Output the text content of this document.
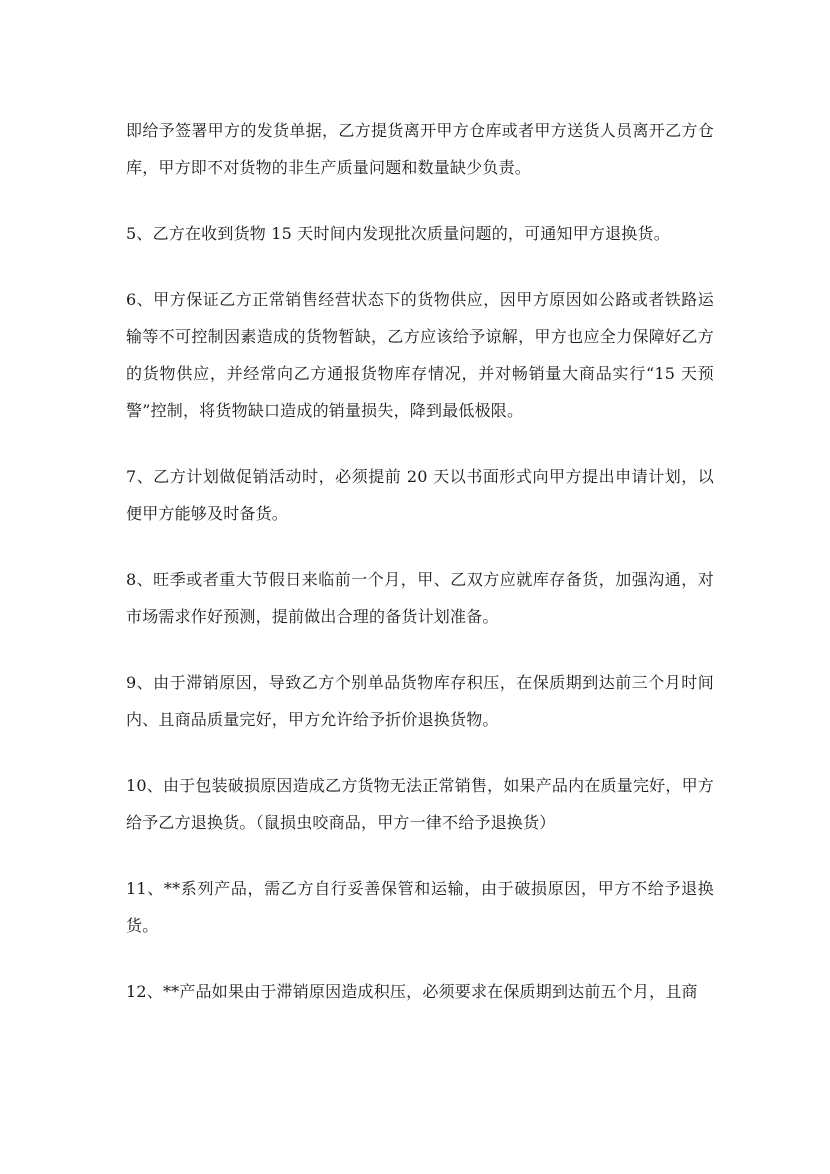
即给予签署甲方的发货单据，乙方提货离开甲方仓库或者甲方送货人员离开乙方仓库，甲方即不对货物的非生产质量问题和数量缺少负责。

5、乙方在收到货物 15 天时间内发现批次质量问题的，可通知甲方退换货。

6、甲方保证乙方正常销售经营状态下的货物供应，因甲方原因如公路或者铁路运输等不可控制因素造成的货物暂缺，乙方应该给予谅解，甲方也应全力保障好乙方的货物供应，并经常向乙方通报货物库存情况，并对畅销量大商品实行“15 天预警”控制，将货物缺口造成的销量损失，降到最低极限。

7、乙方计划做促销活动时，必须提前 20 天以书面形式向甲方提出申请计划，以便甲方能够及时备货。

8、旺季或者重大节假日来临前一个月，甲、乙双方应就库存备货，加强沟通，对市场需求作好预测，提前做出合理的备货计划准备。

9、由于滞销原因，导致乙方个别单品货物库存积压，在保质期到达前三个月时间内、且商品质量完好，甲方允许给予折价退换货物。

10、由于包装破损原因造成乙方货物无法正常销售，如果产品内在质量完好，甲方给予乙方退换货。（鼠损虫咬商品，甲方一律不给予退换货）

11、**系列产品，需乙方自行妥善保管和运输，由于破损原因，甲方不给予退换货。

12、**产品如果由于滞销原因造成积压，必须要求在保质期到达前五个月，且商
